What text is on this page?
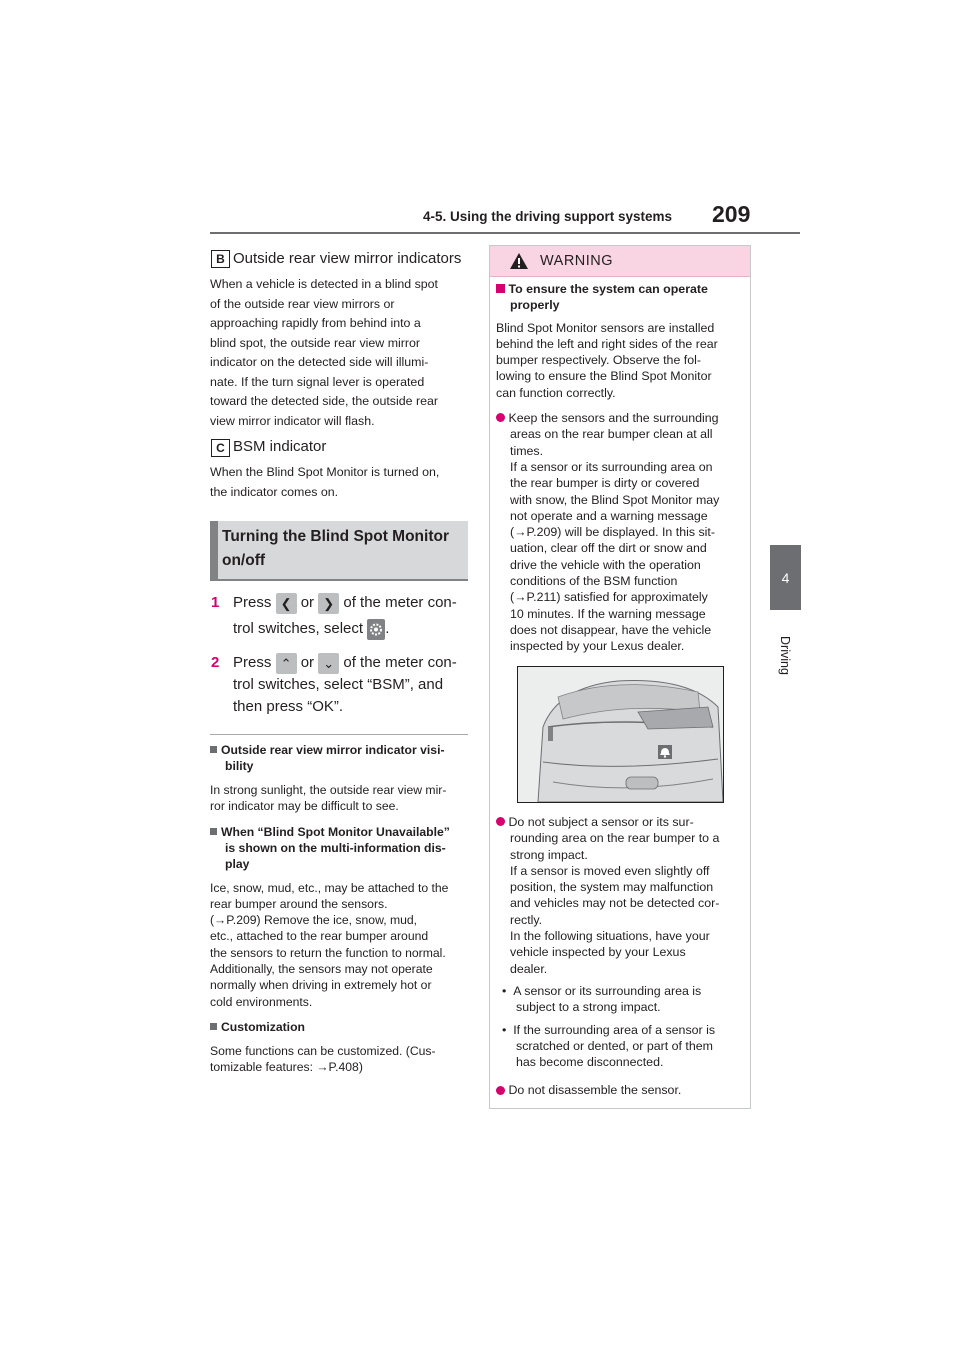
4-5. Using the driving support systems 209
4
Driving
B Outside rear view mirror indicators
When a vehicle is detected in a blind spot
of the outside rear view mirrors or
approaching rapidly from behind into a
blind spot, the outside rear view mirror
indicator on the detected side will illumi-
nate. If the turn signal lever is operated
toward the detected side, the outside rear
view mirror indicator will flash.
C BSM indicator
When the Blind Spot Monitor is turned on,
the indicator comes on.
Turning the Blind Spot Monitor
on/off
1 Press ❮ or ❯ of the meter con-
trol switches, select .
2 Press ⌃ or ⌄ of the meter con-
trol switches, select “BSM”, and
then press “OK”.
Outside rear view mirror indicator visi-
bility
In strong sunlight, the outside rear view mir-
ror indicator may be difficult to see.
When “Blind Spot Monitor Unavailable”
is shown on the multi-information dis-
play
Ice, snow, mud, etc., may be attached to the
rear bumper around the sensors.
(→P.209) Remove the ice, snow, mud,
etc., attached to the rear bumper around
the sensors to return the function to normal.
Additionally, the sensors may not operate
normally when driving in extremely hot or
cold environments.
Customization
Some functions can be customized. (Cus-
tomizable features: →P.408)
WARNING
To ensure the system can operate
properly
Blind Spot Monitor sensors are installed
behind the left and right sides of the rear
bumper respectively. Observe the fol-
lowing to ensure the Blind Spot Monitor
can function correctly.
Keep the sensors and the surrounding
areas on the rear bumper clean at all
times.
If a sensor or its surrounding area on
the rear bumper is dirty or covered
with snow, the Blind Spot Monitor may
not operate and a warning message
(→P.209) will be displayed. In this sit-
uation, clear off the dirt or snow and
drive the vehicle with the operation
conditions of the BSM function
(→P.211) satisfied for approximately
10 minutes. If the warning message
does not disappear, have the vehicle
inspected by your Lexus dealer.
Do not subject a sensor or its sur-
rounding area on the rear bumper to a
strong impact.
If a sensor is moved even slightly off
position, the system may malfunction
and vehicles may not be detected cor-
rectly.
In the following situations, have your
vehicle inspected by your Lexus
dealer.
•  A sensor or its surrounding area is
subject to a strong impact.
•  If the surrounding area of a sensor is
scratched or dented, or part of them
has become disconnected.
Do not disassemble the sensor.
